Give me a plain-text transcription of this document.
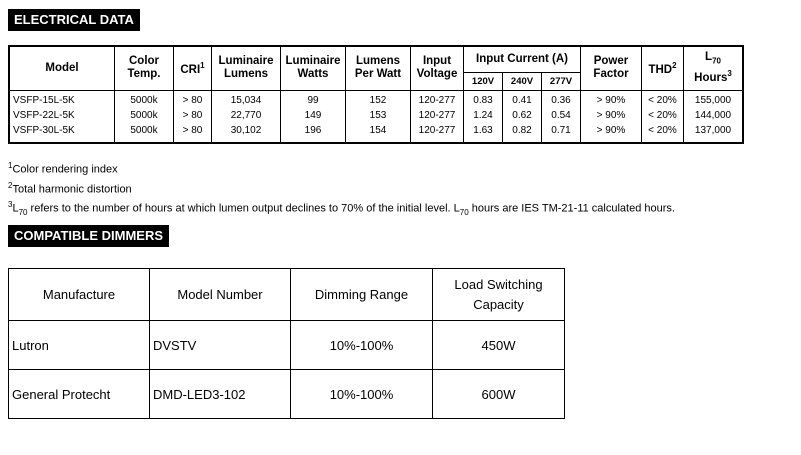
ELECTRICAL DATA
Model	Color Temp.	CRI$^1$	Luminaire Lumens	Luminaire Watts	Lumens Per Watt	Input Voltage	Input Current (A)			Power Factor	THD$^2$	$L_{70}$
Hours$^3$
							120V	240V	277V			
VSFP-15L-5K	5000k	> 80	15,034	99	152	120-277	0.83	0.41	0.36	> 90%	< 20%	155,000
VSFP-22L-5K	5000k	> 80	22,770	149	153	120-277	1.24	0.62	0.54	> 90%	< 20%	144,000
VSFP-30L-5K	5000k	> 80	30,102	196	154	120-277	1.63	0.82	0.71	> 90%	< 20%	137,000
$^1$Color rendering index
$^2$Total harmonic distortion
$^3L_{70}$ refers to the number of hours at which lumen output declines to 70% of the initial level. $L_{70}$ hours are IES TM-21-11 calculated hours.
COMPATIBLE DIMMERS
Manufacture	Model Number	Dimming Range	Load Switching
Capacity
Lutron	DVSTV	10%-100%	450W
General Protecht	DMD-LED3-102	10%-100%	600W
